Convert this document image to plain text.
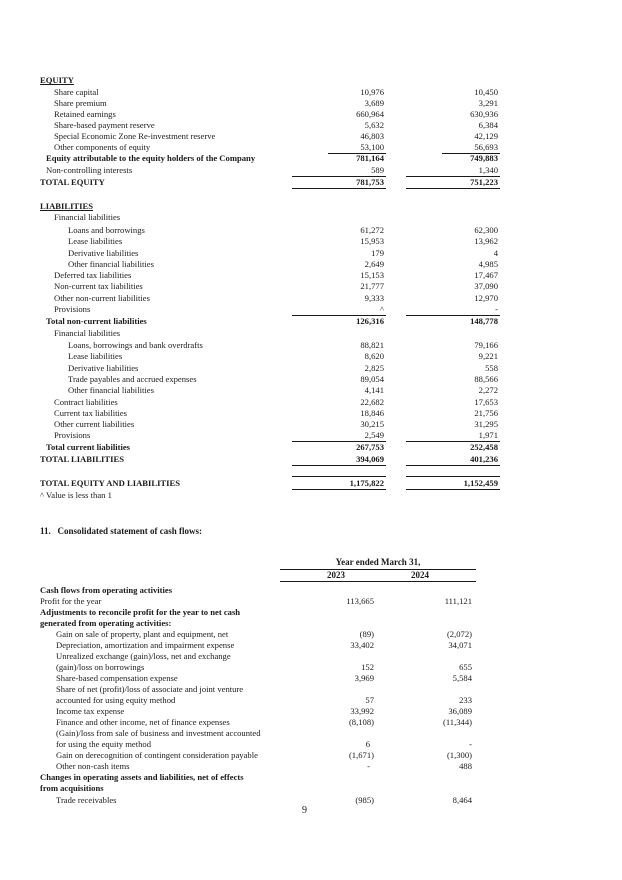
EQUITY
Share capital	10,976	10,450
Share premium	3,689	3,291
Retained earnings	660,964	630,936
Share-based payment reserve	5,632	6,384
Special Economic Zone Re-investment reserve	46,803	42,129
Other components of equity	53,100	56,693
Equity attributable to the equity holders of the Company	781,164	749,883
Non-controlling interests	589	1,340
TOTAL EQUITY	781,753	751,223
LIABILITIES
Financial liabilities
Loans and borrowings	61,272	62,300
Lease liabilities	15,953	13,962
Derivative liabilities	179	4
Other financial liabilities	2,649	4,985
Deferred tax liabilities	15,153	17,467
Non-current tax liabilities	21,777	37,090
Other non-current liabilities	9,333	12,970
Provisions	^	-
Total non-current liabilities	126,316	148,778
Financial liabilities
Loans, borrowings and bank overdrafts	88,821	79,166
Lease liabilities	8,620	9,221
Derivative liabilities	2,825	558
Trade payables and accrued expenses	89,054	88,566
Other financial liabilities	4,141	2,272
Contract liabilities	22,682	17,653
Current tax liabilities	18,846	21,756
Other current liabilities	30,215	31,295
Provisions	2,549	1,971
Total current liabilities	267,753	252,458
TOTAL LIABILITIES	394,069	401,236
TOTAL EQUITY AND LIABILITIES	1,175,822	1,152,459
^ Value is less than 1
11. Consolidated statement of cash flows:
Year ended March 31,
2023	2024
Cash flows from operating activities
Profit for the year	113,665	111,121
Adjustments to reconcile profit for the year to net cash
generated from operating activities:
Gain on sale of property, plant and equipment, net	(89)	(2,072)
Depreciation, amortization and impairment expense	33,402	34,071
Unrealized exchange (gain)/loss, net and exchange
(gain)/loss on borrowings	152	655
Share-based compensation expense	3,969	5,584
Share of net (profit)/loss of associate and joint venture
accounted for using equity method	57	233
Income tax expense	33,992	36,089
Finance and other income, net of finance expenses	(8,108)	(11,344)
(Gain)/loss from sale of business and investment accounted
for using the equity method	6	-
Gain on derecognition of contingent consideration payable	(1,671)	(1,300)
Other non-cash items	-	488
Changes in operating assets and liabilities, net of effects
from acquisitions
Trade receivables	(985)	8,464
9
